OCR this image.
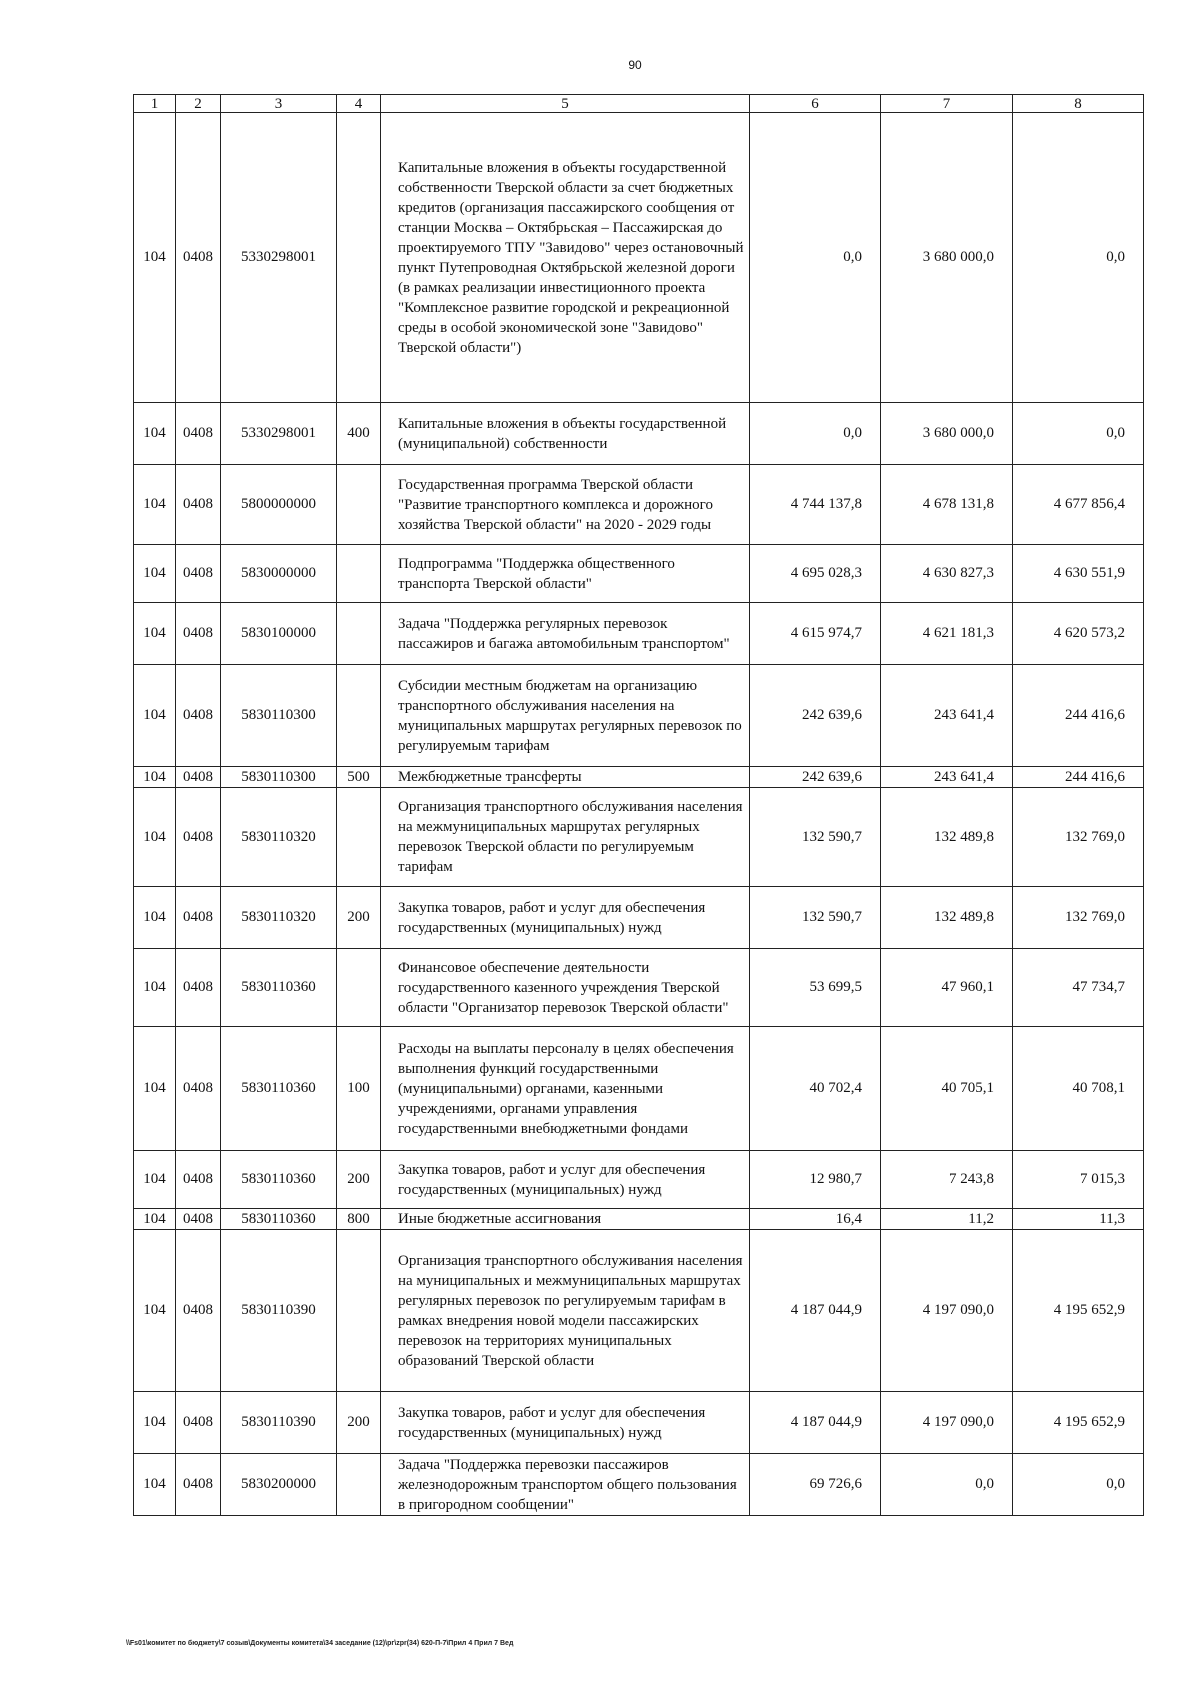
90
1	2	3	4	5	6	7	8
104	0408	5330298001		Капитальные вложения в объекты государственной собственности Тверской области за счет бюджетных кредитов (организация пассажирского сообщения от станции Москва – Октябрьская – Пассажирская до проектируемого ТПУ "Завидово" через остановочный пункт Путепроводная Октябрьской железной дороги (в рамках реализации инвестиционного проекта "Комплексное развитие городской и рекреационной среды в особой экономической зоне "Завидово" Тверской области")	0,0	3 680 000,0	0,0
104	0408	5330298001	400	Капитальные вложения в объекты государственной (муниципальной) собственности	0,0	3 680 000,0	0,0
104	0408	5800000000		Государственная программа Тверской области "Развитие транспортного комплекса и дорожного хозяйства Тверской области" на 2020 - 2029 годы	4 744 137,8	4 678 131,8	4 677 856,4
104	0408	5830000000		Подпрограмма "Поддержка общественного транспорта Тверской области"	4 695 028,3	4 630 827,3	4 630 551,9
104	0408	5830100000		Задача "Поддержка регулярных перевозок пассажиров и багажа автомобильным транспортом"	4 615 974,7	4 621 181,3	4 620 573,2
104	0408	5830110300		Субсидии местным бюджетам на организацию транспортного обслуживания населения на муниципальных маршрутах регулярных перевозок по регулируемым тарифам	242 639,6	243 641,4	244 416,6
104	0408	5830110300	500	Межбюджетные трансферты	242 639,6	243 641,4	244 416,6
104	0408	5830110320		Организация транспортного обслуживания населения на межмуниципальных маршрутах регулярных перевозок Тверской области по регулируемым тарифам	132 590,7	132 489,8	132 769,0
104	0408	5830110320	200	Закупка товаров, работ и услуг для обеспечения государственных (муниципальных) нужд	132 590,7	132 489,8	132 769,0
104	0408	5830110360		Финансовое обеспечение деятельности государственного казенного учреждения Тверской области "Организатор перевозок Тверской области"	53 699,5	47 960,1	47 734,7
104	0408	5830110360	100	Расходы на выплаты персоналу в целях обеспечения выполнения функций государственными (муниципальными) органами, казенными учреждениями, органами управления государственными внебюджетными фондами	40 702,4	40 705,1	40 708,1
104	0408	5830110360	200	Закупка товаров, работ и услуг для обеспечения государственных (муниципальных) нужд	12 980,7	7 243,8	7 015,3
104	0408	5830110360	800	Иные бюджетные ассигнования	16,4	11,2	11,3
104	0408	5830110390		Организация транспортного обслуживания населения на муниципальных и межмуниципальных маршрутах регулярных перевозок по регулируемым тарифам в рамках внедрения новой модели пассажирских перевозок на территориях муниципальных образований Тверской области	4 187 044,9	4 197 090,0	4 195 652,9
104	0408	5830110390	200	Закупка товаров, работ и услуг для обеспечения государственных (муниципальных) нужд	4 187 044,9	4 197 090,0	4 195 652,9
104	0408	5830200000		Задача "Поддержка перевозки пассажиров железнодорожным транспортом общего пользования в пригородном сообщении"	69 726,6	0,0	0,0
\\Fs01\комитет по бюджету\7 созыв\Документы комитета\34 заседание (12)\рг\zpr(34) 620-П-7\Прил 4 Прил 7 Вед
